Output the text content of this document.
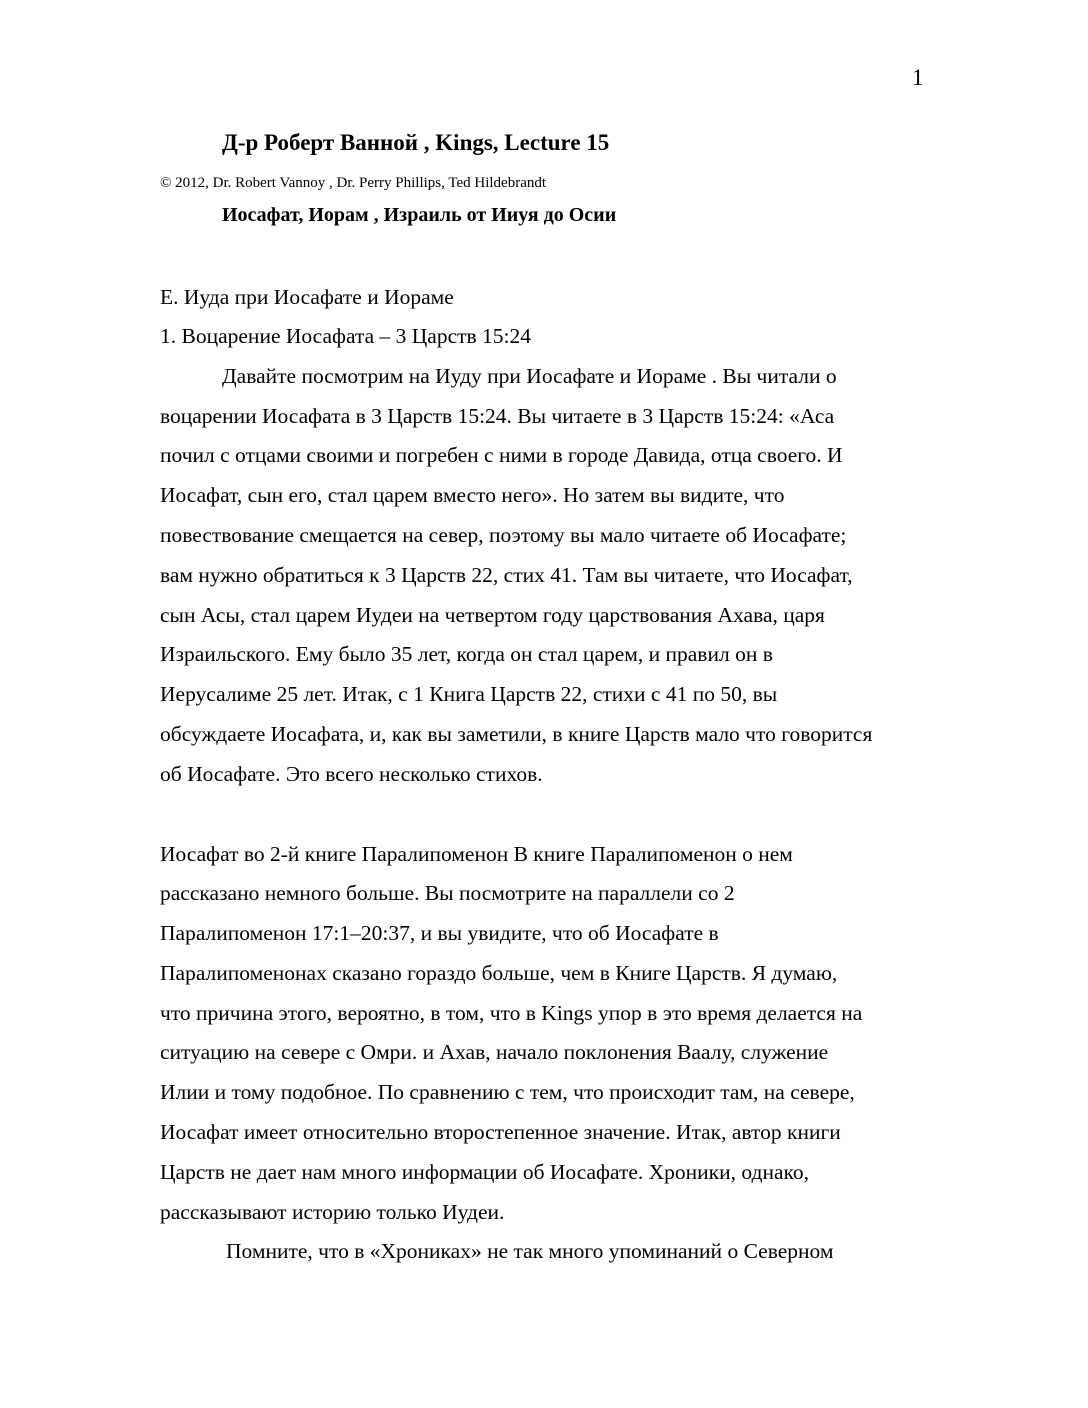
1
Д-р Роберт Ванной , Kings, Lecture 15
© 2012, Dr. Robert Vannoy , Dr. Perry Phillips, Ted Hildebrandt
Иосафат, Иорам , Израиль от Ииуя до Осии
E. Иуда при Иосафате и Иораме
1. Воцарение Иосафата – 3 Царств 15:24
Давайте посмотрим на Иуду при Иосафате и Иораме . Вы читали о
воцарении Иосафата в 3 Царств 15:24. Вы читаете в 3 Царств 15:24: «Аса
почил с отцами своими и погребен с ними в городе Давида, отца своего. И
Иосафат, сын его, стал царем вместо него». Но затем вы видите, что
повествование смещается на север, поэтому вы мало читаете об Иосафате;
вам нужно обратиться к 3 Царств 22, стих 41. Там вы читаете, что Иосафат,
сын Асы, стал царем Иудеи на четвертом году царствования Ахава, царя
Израильского. Ему было 35 лет, когда он стал царем, и правил он в
Иерусалиме 25 лет. Итак, с 1 Книга Царств 22, стихи с 41 по 50, вы
обсуждаете Иосафата, и, как вы заметили, в книге Царств мало что говорится
об Иосафате. Это всего несколько стихов.
Иосафат во 2-й книге Паралипоменон В книге Паралипоменон о нем
рассказано немного больше. Вы посмотрите на параллели со 2
Паралипоменон 17:1–20:37, и вы увидите, что об Иосафате в
Паралипоменонах сказано гораздо больше, чем в Книге Царств. Я думаю,
что причина этого, вероятно, в том, что в Kings упор в это время делается на
ситуацию на севере с Омри. и Ахав, начало поклонения Ваалу, служение
Илии и тому подобное. По сравнению с тем, что происходит там, на севере,
Иосафат имеет относительно второстепенное значение. Итак, автор книги
Царств не дает нам много информации об Иосафате. Хроники, однако,
рассказывают историю только Иудеи.
Помните, что в «Хрониках» не так много упоминаний о Северном
